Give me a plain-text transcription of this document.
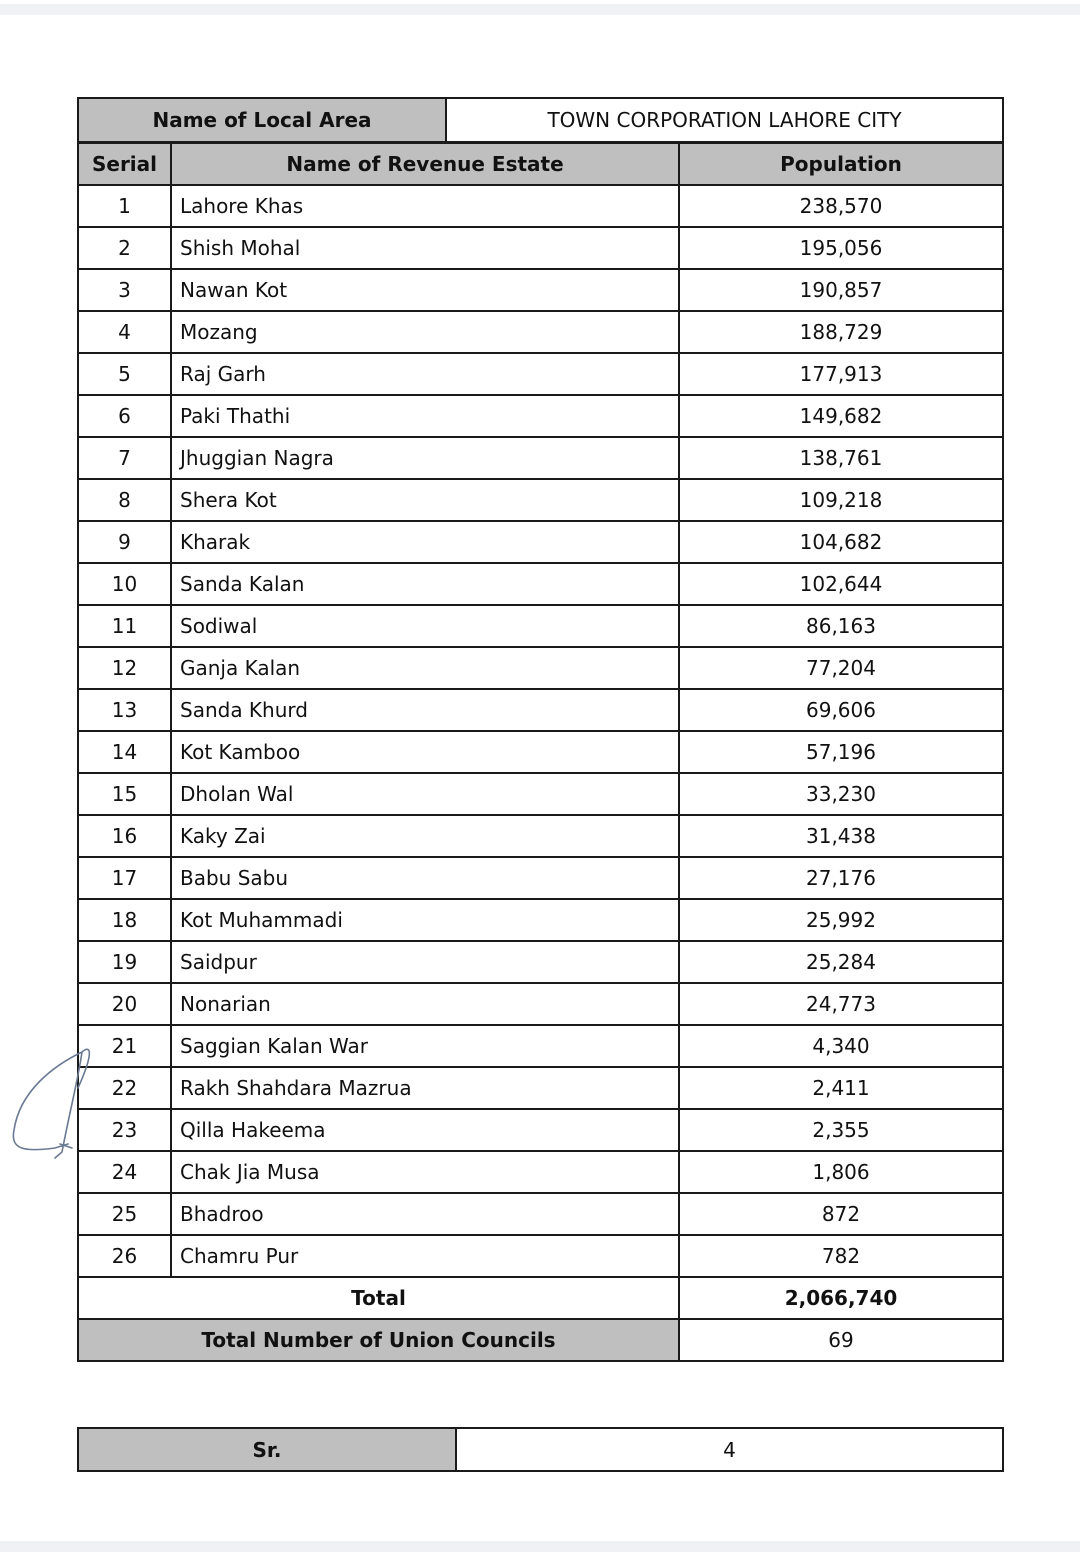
Name of Local Area	TOWN CORPORATION LAHORE CITY
Serial	Name of Revenue Estate	Population
1	Lahore Khas	238,570
2	Shish Mohal	195,056
3	Nawan Kot	190,857
4	Mozang	188,729
5	Raj Garh	177,913
6	Paki Thathi	149,682
7	Jhuggian Nagra	138,761
8	Shera Kot	109,218
9	Kharak	104,682
10	Sanda Kalan	102,644
11	Sodiwal	86,163
12	Ganja Kalan	77,204
13	Sanda Khurd	69,606
14	Kot Kamboo	57,196
15	Dholan Wal	33,230
16	Kaky Zai	31,438
17	Babu Sabu	27,176
18	Kot Muhammadi	25,992
19	Saidpur	25,284
20	Nonarian	24,773
21	Saggian Kalan War	4,340
22	Rakh Shahdara Mazrua	2,411
23	Qilla Hakeema	2,355
24	Chak Jia Musa	1,806
25	Bhadroo	872
26	Chamru Pur	782
Total		2,066,740
Total Number of Union Councils		69
Sr.	4
